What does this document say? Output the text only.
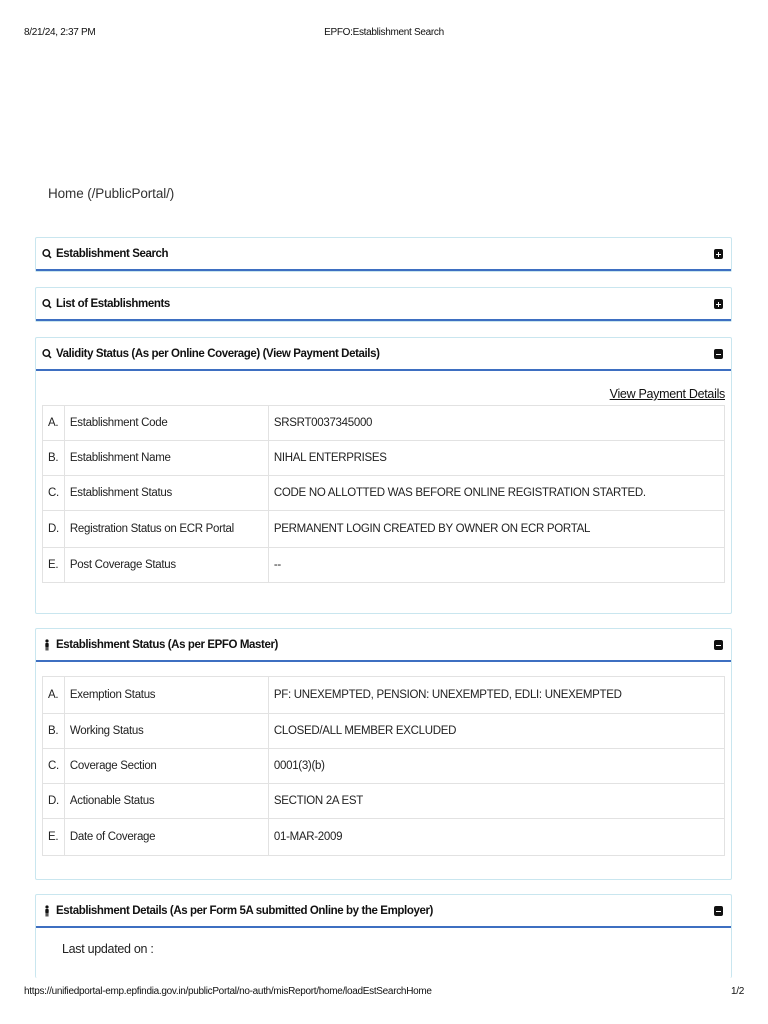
8/21/24, 2:37 PM	EPFO:Establishment Search
Home (/PublicPortal/)
Establishment Search
List of Establishments
Validity Status (As per Online Coverage) (View Payment Details)
View Payment Details
A.	Establishment Code	SRSRT0037345000
B.	Establishment Name	NIHAL ENTERPRISES
C.	Establishment Status	CODE NO ALLOTTED WAS BEFORE ONLINE REGISTRATION STARTED.
D.	Registration Status on ECR Portal	PERMANENT LOGIN CREATED BY OWNER ON ECR PORTAL
E.	Post Coverage Status	--
Establishment Status (As per EPFO Master)
A.	Exemption Status	PF: UNEXEMPTED, PENSION: UNEXEMPTED, EDLI: UNEXEMPTED
B.	Working Status	CLOSED/ALL MEMBER EXCLUDED
C.	Coverage Section	0001(3)(b)
D.	Actionable Status	SECTION 2A EST
E.	Date of Coverage	01-MAR-2009
Establishment Details (As per Form 5A submitted Online by the Employer)
Last updated on :
https://unifiedportal-emp.epfindia.gov.in/publicPortal/no-auth/misReport/home/loadEstSearchHome	1/2
